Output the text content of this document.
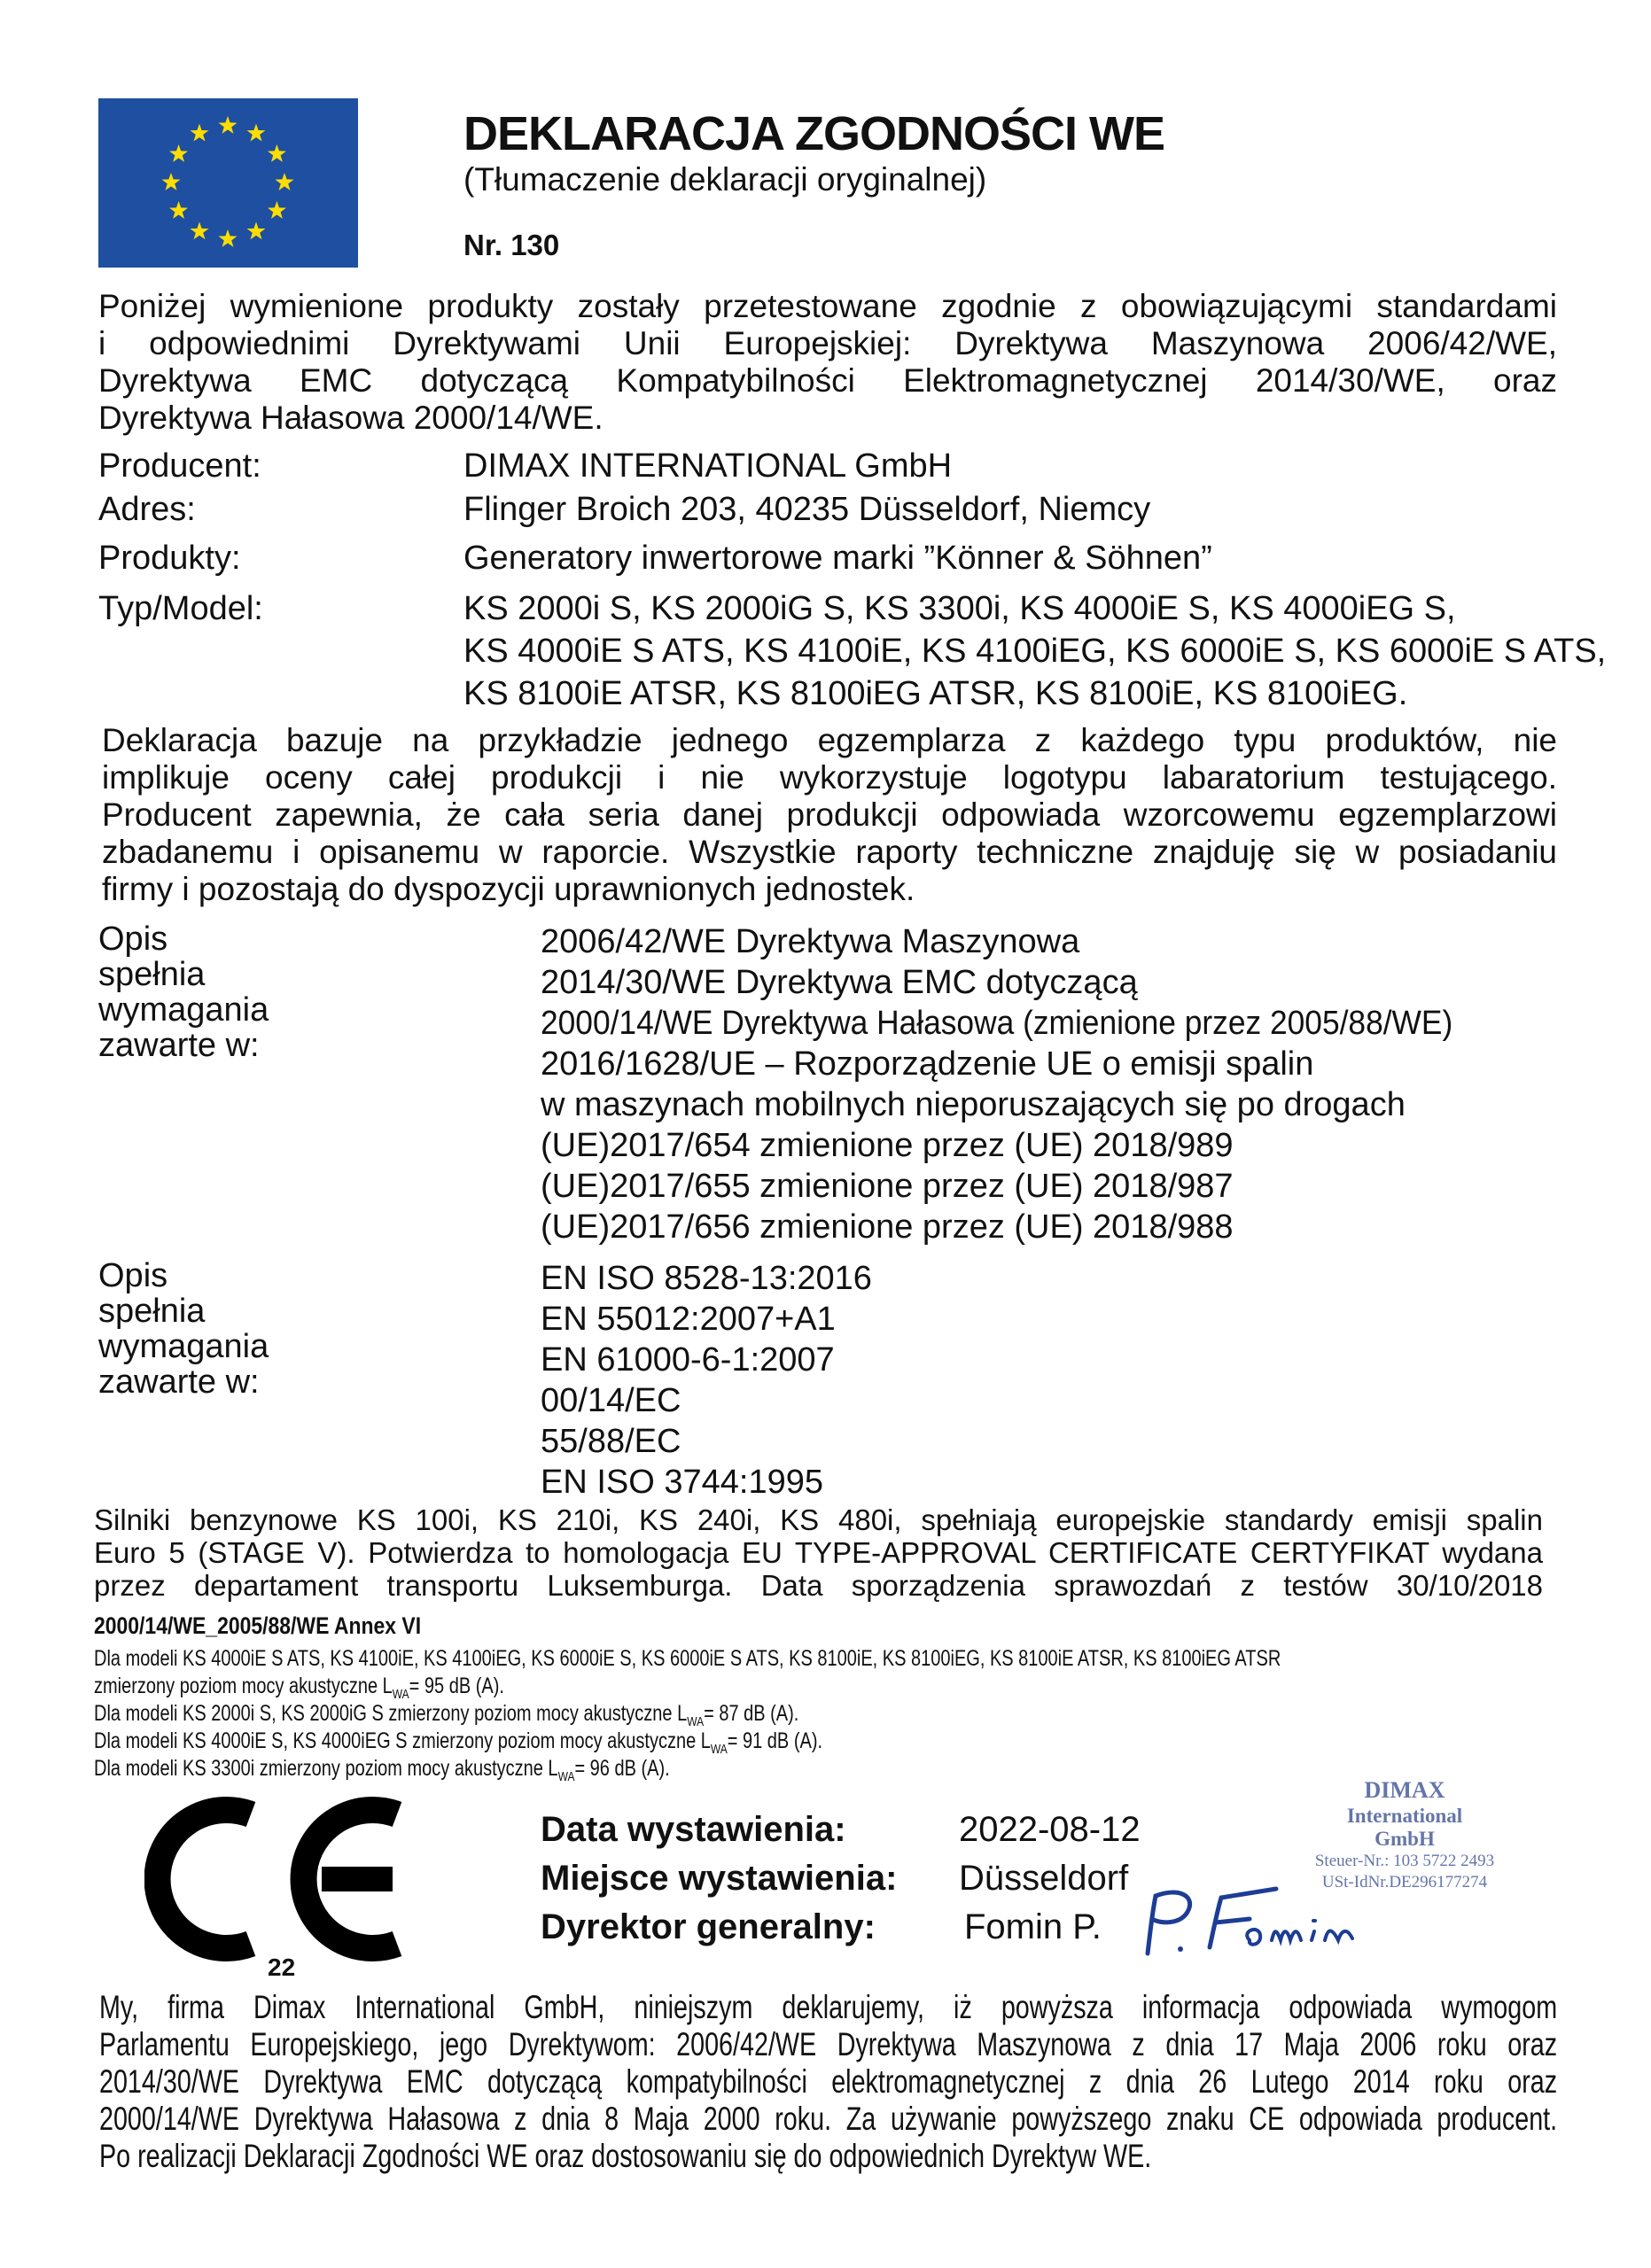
DEKLARACJA ZGODNOŚCI WE
(Tłumaczenie deklaracji oryginalnej)
Nr. 130
Poniżej wymienione produkty zostały przetestowane zgodnie z obowiązującymi standardami
i odpowiednimi Dyrektywami Unii Europejskiej: Dyrektywa Maszynowa 2006/42/WE,
Dyrektywa EMC dotyczącą Kompatybilności Elektromagnetycznej 2014/30/WE, oraz
Dyrektywa Hałasowa 2000/14/WE.
Producent:	DIMAX INTERNATIONAL GmbH
Adres:	Flinger Broich 203, 40235 Düsseldorf, Niemcy
Produkty:	Generatory inwertorowe marki ”Könner & Söhnen”
Typ/Model:	KS 2000i S, KS 2000iG S, KS 3300i, KS 4000iE S, KS 4000iEG S,
KS 4000iE S ATS, KS 4100iE, KS 4100iEG, KS 6000iE S, KS 6000iE S ATS,
KS 8100iE ATSR, KS 8100iEG ATSR, KS 8100iE, KS 8100iEG.
Deklaracja bazuje na przykładzie jednego egzemplarza z każdego typu produktów, nie
implikuje oceny całej produkcji i nie wykorzystuje logotypu labaratorium testującego.
Producent zapewnia, że cała seria danej produkcji odpowiada wzorcowemu egzemplarzowi
zbadanemu i opisanemu w raporcie. Wszystkie raporty techniczne znajduję się w posiadaniu
firmy i pozostają do dyspozycji uprawnionych jednostek.
Opis spełnia wymagania
zawarte w:
2006/42/WE Dyrektywa Maszynowa
2014/30/WE Dyrektywa EMC dotyczącą
2000/14/WE Dyrektywa Hałasowa (zmienione przez 2005/88/WE)
2016/1628/UE – Rozporządzenie UE o emisji spalin
w maszynach mobilnych nieporuszających się po drogach
(UE)2017/654 zmienione przez (UE) 2018/989
(UE)2017/655 zmienione przez (UE) 2018/987
(UE)2017/656 zmienione przez (UE) 2018/988
Opis spełnia wymagania
zawarte w:
EN ISO 8528-13:2016
EN 55012:2007+A1
EN 61000-6-1:2007
00/14/EC
55/88/EC
EN ISO 3744:1995
Silniki benzynowe KS 100i, KS 210i, KS 240i, KS 480i, spełniają europejskie standardy emisji spalin
Euro 5 (STAGE V). Potwierdza to homologacja EU TYPE-APPROVAL CERTIFICATE CERTYFIKAT wydana
przez departament transportu Luksemburga. Data sporządzenia sprawozdań z testów 30/10/2018
2000/14/WE_2005/88/WE Annex VI
Dla modeli KS 4000iE S ATS, KS 4100iE, KS 4100iEG, KS 6000iE S, KS 6000iE S ATS, KS 8100iE, KS 8100iEG, KS 8100iE ATSR, KS 8100iEG ATSR
zmierzony poziom mocy akustyczne $L_{WA}= 95$ dB (A).
Dla modeli KS 2000i S, KS 2000iG S zmierzony poziom mocy akustyczne $L_{WA}= 87$ dB (A).
Dla modeli KS 4000iE S, KS 4000iEG S zmierzony poziom mocy akustyczne $L_{WA}= 91$ dB (A).
Dla modeli KS 3300i zmierzony poziom mocy akustyczne $L_{WA}= 96$ dB (A).
22
Data wystawienia:	2022-08-12
Miejsce wystawienia: Düsseldorf
Dyrektor generalny:	Fomin P.
DIMAX
International
GmbH
Steuer-Nr.: 103 5722 2493
USt-IdNr.DE296177274
My, firma Dimax International GmbH, niniejszym deklarujemy, iż powyższa informacja odpowiada wymogom
Parlamentu Europejskiego, jego Dyrektywom: 2006/42/WE Dyrektywa Maszynowa z dnia 17 Maja 2006 roku oraz
2014/30/WE Dyrektywa EMC dotyczącą kompatybilności elektromagnetycznej z dnia 26 Lutego 2014 roku oraz
2000/14/WE Dyrektywa Hałasowa z dnia 8 Maja 2000 roku. Za używanie powyższego znaku CE odpowiada producent.
Po realizacji Deklaracji Zgodności WE oraz dostosowaniu się do odpowiednich Dyrektyw WE.
